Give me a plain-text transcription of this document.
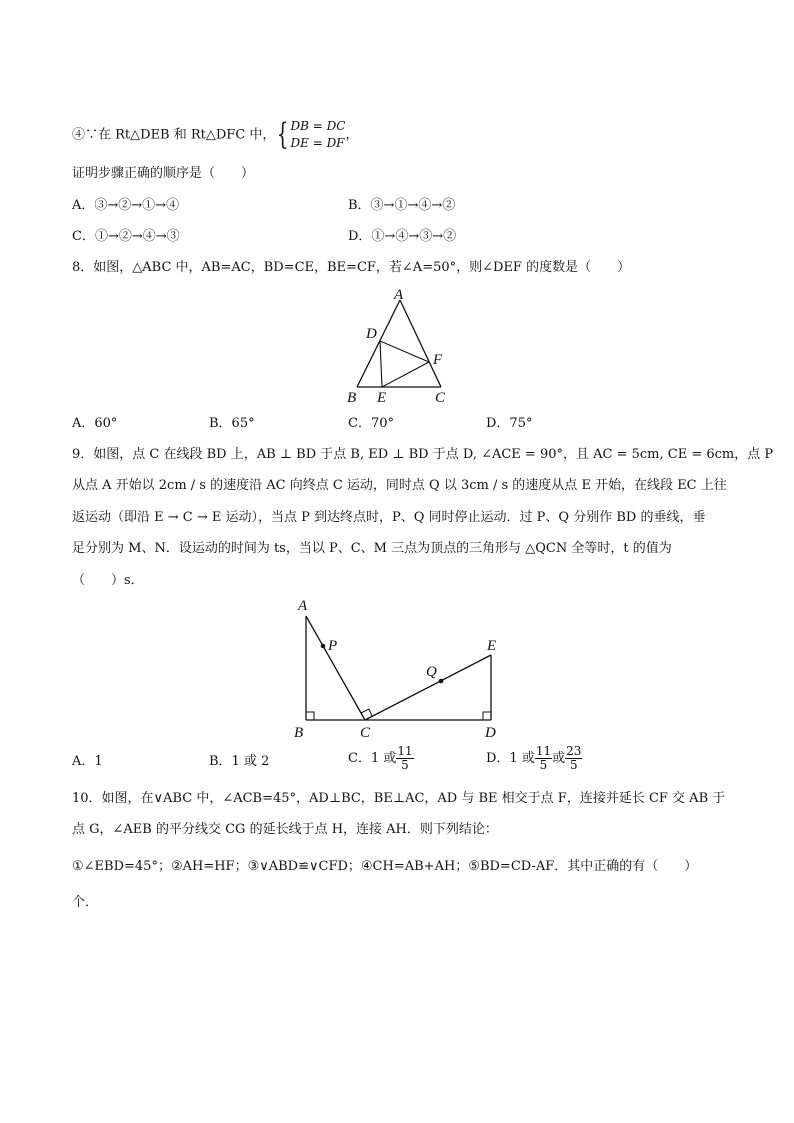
④∵在 Rt△DEB 和 Rt△DFC 中，{ DB = DC
DE = DF
，
证明步骤正确的顺序是（　　）
A．③→②→①→④	B．③→①→④→②
C．①→②→④→③	D．①→④→③→②
8．如图，△ABC 中，AB=AC，BD=CE，BE=CF，若∠A=50°，则∠DEF 的度数是（　　）
A
D
F
B E	C
A．60°	B．65°	C．70°	D．75°
9．如图，点 C 在线段 BD 上，AB ⊥ BD 于点 B, ED ⊥ BD 于点 D, ∠ACE = 90°，且 AC = 5cm, CE = 6cm，点 P
从点 A 开始以 2cm / s 的速度沿 AC 向终点 C 运动，同时点 Q 以 3cm / s 的速度从点 E 开始，在线段 EC 上往
返运动（即沿 E → C → E 运动），当点 P 到达终点时，P、Q 同时停止运动．过 P、Q 分别作 BD 的垂线，垂
足分别为 M、N．设运动的时间为 ts，当以 P、C、M 三点为顶点的三角形与 △QCN 全等时，t 的值为
（　　）s．
A
P	E
Q
B	C	D
A．1	B．1 或 2	C．1 或 $\frac{11}{5}$	D．1 或 $\frac{11}{5}$ 或 $\frac{23}{5}$
10．如图，在∨ABC 中，∠ACB=45°，AD⊥BC，BE⊥AC，AD 与 BE 相交于点 F，连接并延长 CF 交 AB 于
点 G，∠AEB 的平分线交 CG 的延长线于点 H，连接 AH．则下列结论：
①∠EBD=45°；②AH=HF；③∨ABD≌∨CFD；④CH=AB+AH；⑤BD=CD-AF．其中正确的有（　　）
个．
